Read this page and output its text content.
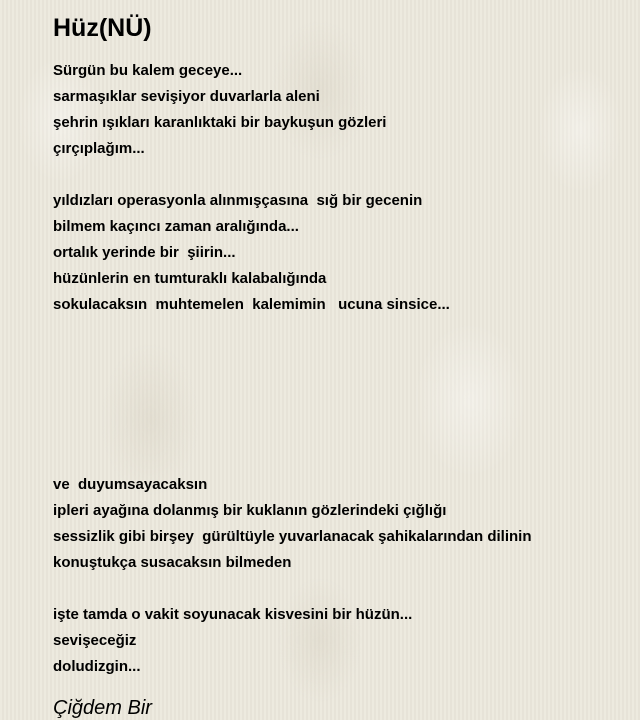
Hüz(NÜ)

Sürgün bu kalem geceye...

sarmaşıklar sevişiyor duvarlarla aleni

şehrin ışıkları karanlıktaki bir baykuşun gözleri

çırçıplağım...

yıldızları operasyonla alınmışçasına  sığ bir gecenin

bilmem kaçıncı zaman aralığında...

ortalık yerinde bir  şiirin...

hüzünlerin en tumturaklı kalabalığında

sokulacaksın  muhtemelen  kalemimin   ucuna sinsice...

ve  duyumsayacaksın

ipleri ayağına dolanmış bir kuklanın gözlerindeki çığlığı

sessizlik gibi birşey  gürültüyle yuvarlanacak şahikalarından dilinin

konuştukça susacaksın bilmeden

işte tamda o vakit soyunacak kisvesini bir hüzün...

sevişeceğiz

doludizgin...

Çiğdem Bir
